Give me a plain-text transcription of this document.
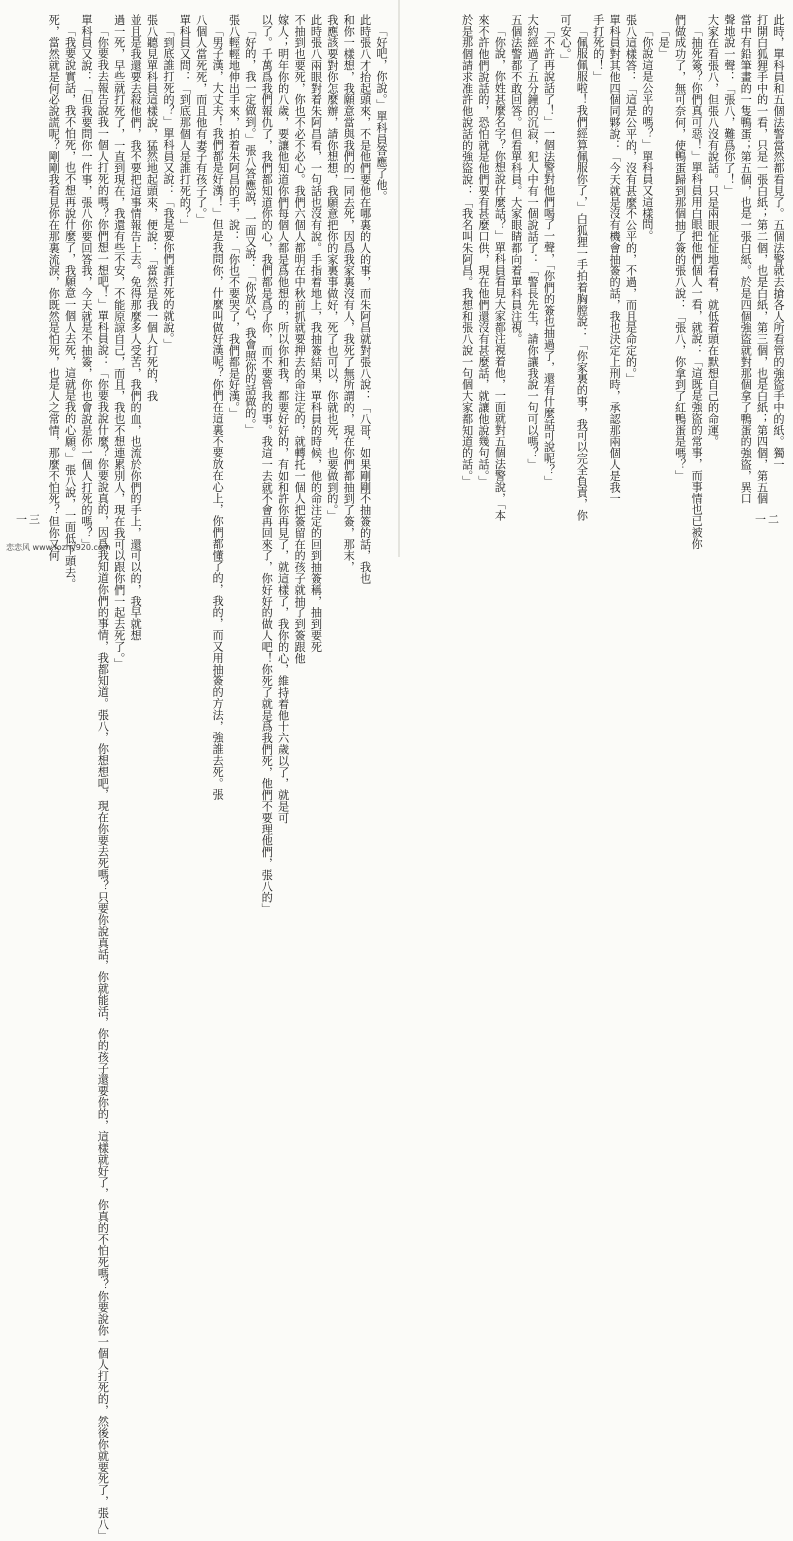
此時，單科員和五個法警當然都看見了。五個法警就去搶各人所看管的強盜手中的紙。獨一
打開白狐狸手中的一看，只是一張白紙；第二個，也是白紙，第三個，也是白紙；第四個，第五個
當中有鉛筆畫的一隻鴨蛋；第五個，也是一張白紙。於是四個強盜就對那個拿了鴨蛋的強盜，異口
聲地說一聲：「張八，難爲你了！」
大家在看張八，但張八沒有說話。只是兩眼怔怔地看着，就低着頭在默想自己的命運。
「抽死簽？你們真可惡！」單科員用白眼把他們個人一看，就說：「這既是強盜的常事，而事情也已被你
們做成功了，無可奈何，使鴨蛋歸到那個抽了簽的張八說：「張八，你拿到了紅鴨蛋是嗎？」
「是」
「你說這是公平的嗎？」單科員又這樣問。
張八這樣答：「這是公平的，沒有甚麼不公平的，不過，而且是命定的。」
單科員對其他四個同夥說：「今天就是沒有機會抽簽的話，我也決定上刑時，承認那兩個人是我一
手打死的！」
「佩服佩服啦！我們經算佩服你了，」白狐狸一手拍着胸膛說：「你家裏的事，我可以完全負責，你
可安心。」
「不許再說話了！」一個法警對他們喝了一聲，「你們的簽也抽過了，還有什麼話可說呢？」
大約經過了五分鐘的沉寂，犯人中有一個說話了：「警長先生，請你讓我說一句可以嗎？」
五個法警都不敢回答。但看單科員。大家眼睛都向着單科員注視。
「你說，你姓甚麼名字？你想說什麼話？」單科員看見大家都注視着他，一面就對五個法警說，「本
來不許他們說話的，恐怕就是他們要有甚麼口供，現在他們還沒有甚麼話，就讓他說幾句話。」
於是那個請求准許他說話的強盜說：「我名叫朱阿昌。我想和張八說一句個大家都知道的話。」
一二
「好吧，你說。」單科員答應了他。
此時張八才抬起頭來，不是他們要他在哪裏的人的事，而朱阿昌就對張八說：「八哥，如果剛剛不抽簽的話，我也
和你一樣想，我願意當與我們的一同去死，因爲我家裏沒有人，我死了無所謂的，現在你們都抽到了簽，那末，
我應該要對你怎麼辦，請你想想，我願意把你的家裏事做好，死了也可以，你就也死，也要做到的。」
此時張八兩眼對着朱阿昌看，一句話也沒有說。手指着地上，我抽簽結果，單科員的時候，他的命注定的回到抽簽稱，抽到要死
不抽到也要死，你也不必不必心。我們六個人都明在中秋前抓就要押去的命注定的，就轉托一個人把簽留在的孩子就抽了到簽跟他
嫁人；明年你的八歲，要讓他知道你們每個人都是爲他想的，所以你和我，都要好好的，有如和許你再見了，就這樣了，我你的心，維持着他十六歲以了，就是可
以了。千萬爲我們報仇了，我們都知道你的心，我們都是爲了你，而不要管我的事。我這一去就不會再回來了，你好好的做人吧！你死了就是爲我們死，他們不要理他們，張八的」
「好的，我一定做到。」張八答應說，一面又說：「你放心，我會照你的話做的。」
張八輕輕地伸出手來，拍着朱阿昌的手，說：「你也不要哭了，我們都是好漢。」
「男子漢，大丈夫！我們都是好漢！」但是我問你，什麼叫做好漢呢？你們在這裏不要放在心上，你們都懂了的，我的，而又用抽簽的方法，強誰去死。張
八個人當死死，而且他有妻子有孩子了。」
單科員又問：「到底那個人是誰打死的？」
「到底誰打死的？」單科員又說：「我是要你們誰打死的就說。」
張八聽見單科員這樣說，猛然地起頭來，便說：「當然是我一個人打死的，我
並且是我還要去殺他們，我不要把這事情報告上去。免得那麼多人受苦，我們的血，也流於你們的手上，還可以的，我早就想
過一死，早些就打死了，一直到現在，我還有些不安，不能原諒自己，而且，我也不想連累別人，現在我可以跟你們一起去死了。」
「你要我去報告說我一個人打死的嗎？你們想一想吧！」單科員說：「你要我說什麼？你要說真的，因爲我知道你們的事情，我都知道。張八，你想想吧，現在你要去死嗎？只要你說真話，你就能活，你的孩子還要你的，這樣就好了，你真的不怕死嗎？你要說你一個人打死的，然後你就要死了，張八」
單科員又說：「但我要問你一件事，張八你要回答我，今天就是不抽簽，你也會說是你一個人打死的嗎？」
「我要說實話，我不怕死，也不想再說什麼了，我願意一個人去死，這就是我的心願。」張八說，一面低下頭去。
死，當然就是何必說謊呢？剛剛我看見你在那裏流淚，你既然是怕死，也是人之常情，那麼不怕死？但你又何
一三
恋恋风 www.fozhy920.com
